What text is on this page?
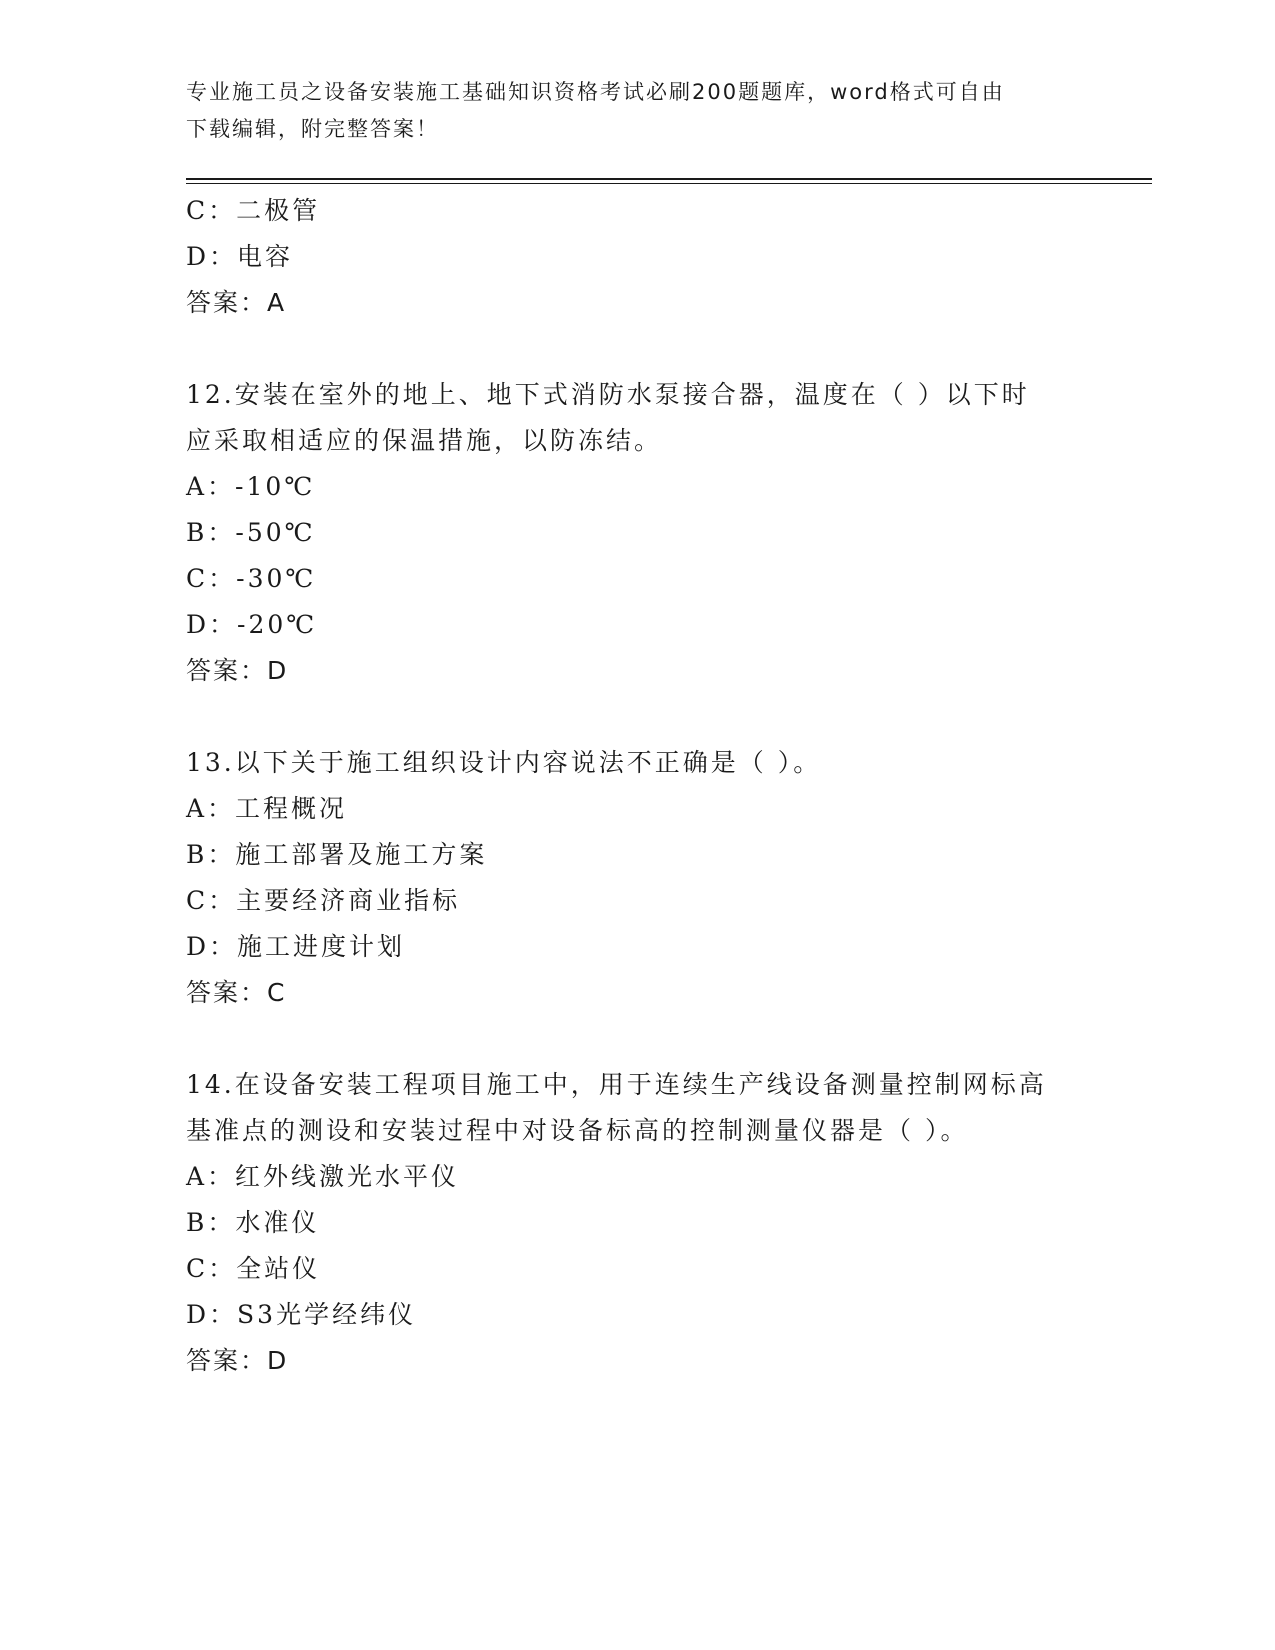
专业施工员之设备安装施工基础知识资格考试必刷200题题库，word格式可自由
下载编辑，附完整答案！
C：二极管
D：电容
答案：A
12.安装在室外的地上、地下式消防水泵接合器，温度在（ ）以下时
应采取相适应的保温措施，以防冻结。
A：-10℃
B：-50℃
C：-30℃
D：-20℃
答案：D
13.以下关于施工组织设计内容说法不正确是（ ）。
A：工程概况
B：施工部署及施工方案
C：主要经济商业指标
D：施工进度计划
答案：C
14.在设备安装工程项目施工中，用于连续生产线设备测量控制网标高
基准点的测设和安装过程中对设备标高的控制测量仪器是（ ）。
A：红外线激光水平仪
B：水准仪
C：全站仪
D：S3光学经纬仪
答案：D
